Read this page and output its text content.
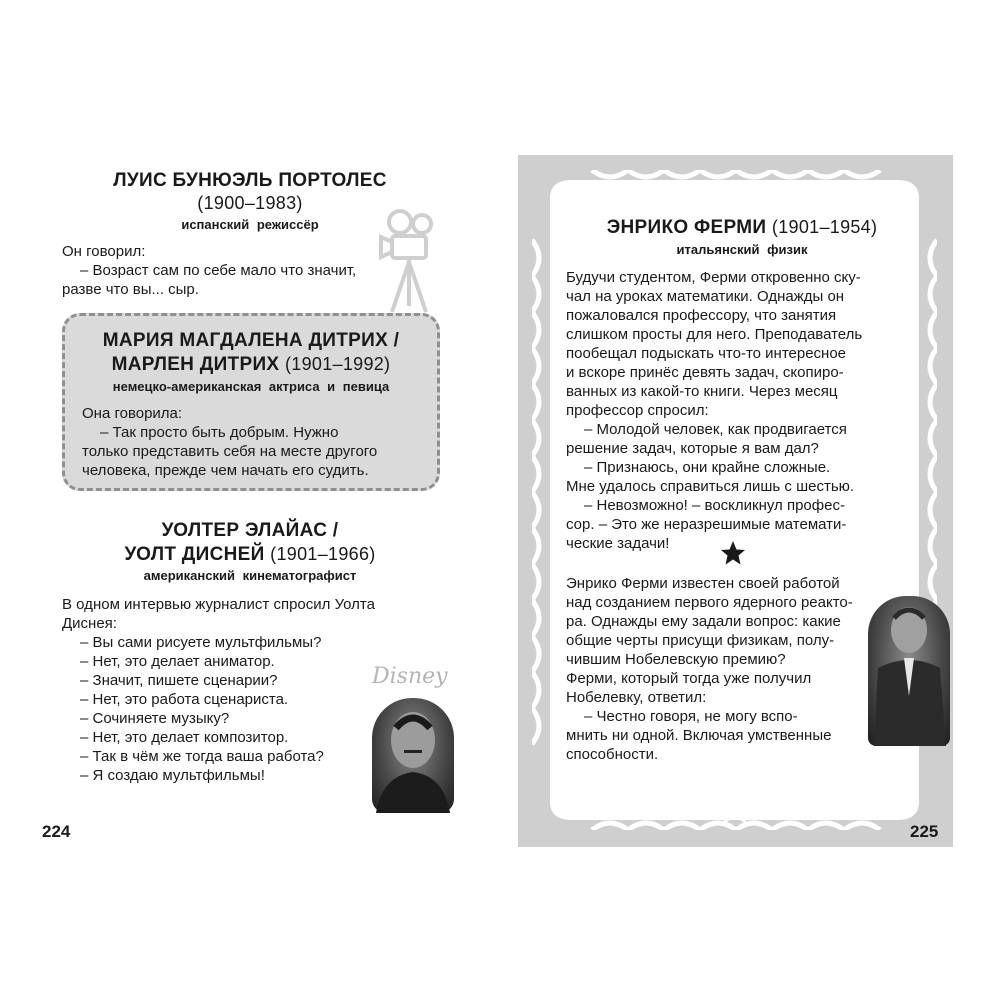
ЛУИС БУНЮЭЛЬ ПОРТОЛЕС
(1900–1983)
испанский режиссёр

Он говорил:

– Возраст сам по себе мало что значит,

разве что вы... сыр.

МАРИЯ МАГДАЛЕНА ДИТРИХ /
МАРЛЕН ДИТРИХ (1901–1992)
немецко-американская актриса и певица

Она говорила:

– Так просто быть добрым. Нужно

только представить себя на месте другого

человека, прежде чем начать его судить.

УОЛТЕР ЭЛАЙАС /
УОЛТ ДИСНЕЙ (1901–1966)
американский кинематографист

В одном интервью журналист спросил Уолта

Диснея:

– Вы сами рисуете мультфильмы?

– Нет, это делает аниматор.

– Значит, пишете сценарии?

– Нет, это работа сценариста.

– Сочиняете музыку?

– Нет, это делает композитор.

– Так в чём же тогда ваша работа?

– Я создаю мультфильмы!

Disney
224
ЭНРИКО ФЕРМИ (1901–1954)
итальянский физик

Будучи студентом, Ферми откровенно ску-

чал на уроках математики. Однажды он

пожаловался профессору, что занятия

слишком просты для него. Преподаватель

пообещал подыскать что-то интересное

и вскоре принёс девять задач, скопиро-

ванных из какой-то книги. Через месяц

профессор спросил:

– Молодой человек, как продвигается

решение задач, которые я вам дал?

– Признаюсь, они крайне сложные.

Мне удалось справиться лишь с шестью.

– Невозможно! – воскликнул профес-

сор. – Это же неразрешимые математи-

ческие задачи!

Энрико Ферми известен своей работой

над созданием первого ядерного реакто-

ра. Однажды ему задали вопрос: какие

общие черты присущи физикам, полу-

чившим Нобелевскую премию?

Ферми, который тогда уже получил

Нобелевку, ответил:

– Честно говоря, не могу вспо-

мнить ни одной. Включая умственные

способности.

225
